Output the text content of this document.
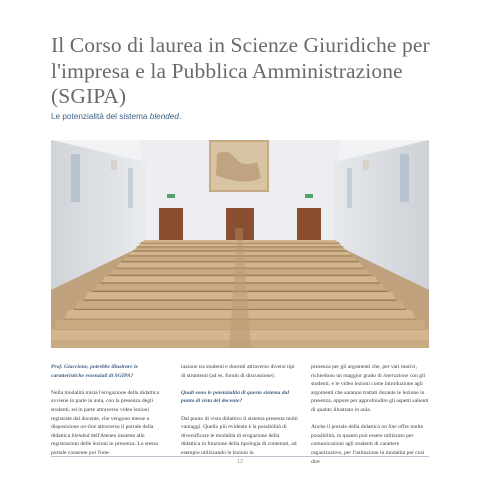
Il Corso di laurea in Scienze Giuridiche per l'impresa e la Pubblica Amministrazione (SGIPA)
Le potenzialità del sistema blended.

Prof. Giaccione, potrebbe illustrare le caratteristiche essenziali di SGIPA?

Nella modalità mista l'erogazione della didattica avviene in parte in aula, con la presenza degli studenti, ed in parte attraverso video lezioni registrate dal docente, che vengono messe a disposizione on-line attraverso il portale della didattica blended dell'Ateneo insieme alle registrazioni delle lezioni in presenza. Lo stesso portale consente poi l'inte-

razione tra studenti e docenti attraverso diversi tipi di strumenti (ad es. forum di discussione).

Quali sono le potenzialità di questo sistema dal punto di vista del docente?

Dal punto di vista didattico il sistema presenta molti vantaggi. Quello più evidente è la possibilità di diversificare le modalità di erogazione della didattica in funzione della tipologia di contenuti, ad esempio utilizzando le lezioni in

presenza per gli argomenti che, per vari motivi, richiedono un maggior grado di interazione con gli studenti, e le video lezioni come introduzione agli argomenti che saranno trattati durante le lezione in presenza, oppure per approfondire gli aspetti salienti di quanto illustrato in aula.

Anche il portale della didattica on line offre molte possibilità, in quanto può essere utilizzato per comunicazioni agli studenti di carattere organizzativo, per l'istituzione in modalità per così dire

12
